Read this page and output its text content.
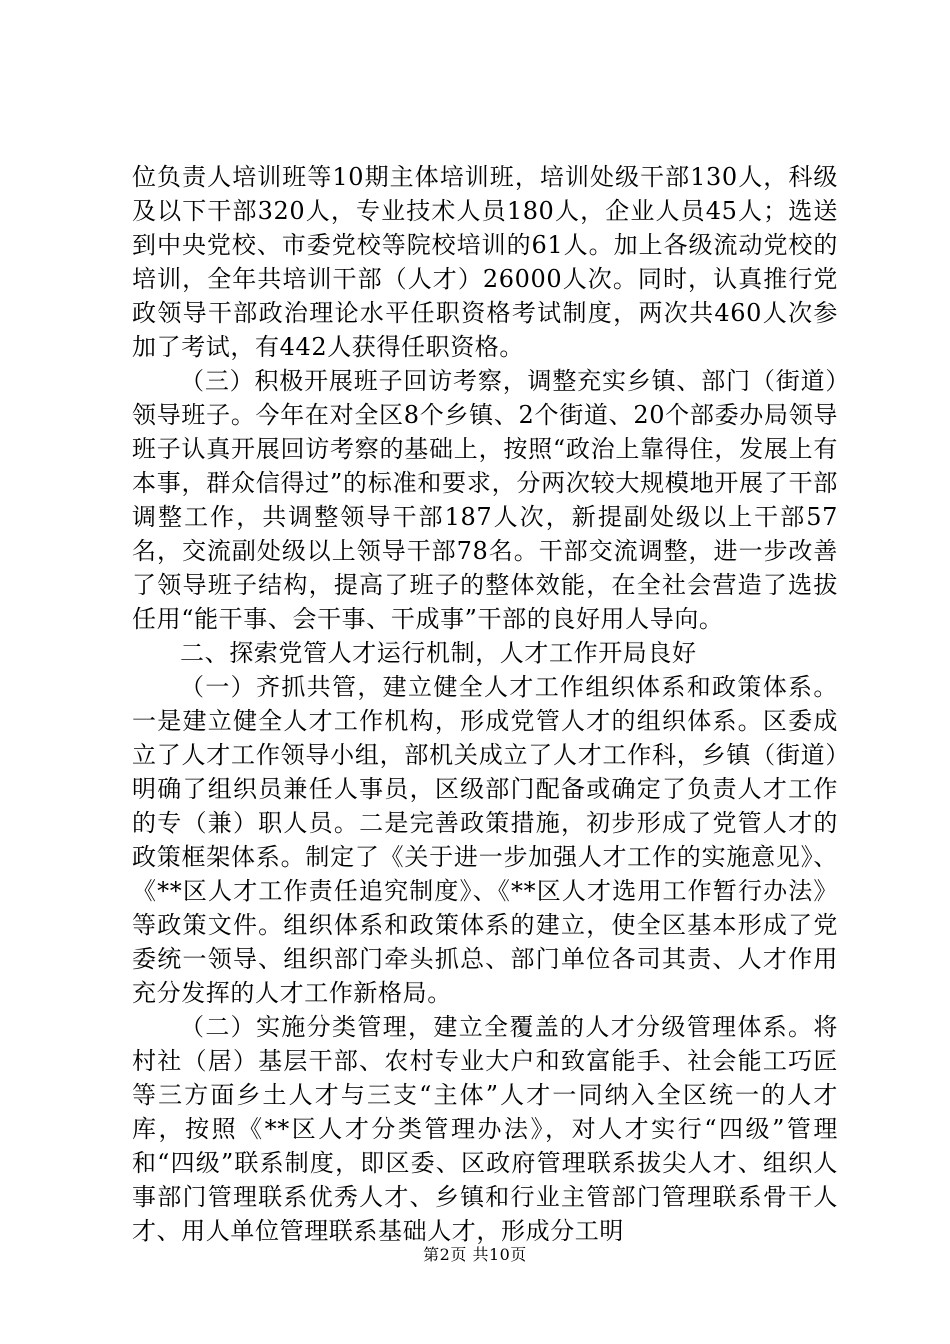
位负责人培训班等10期主体培训班，培训处级干部130人，科级及以下干部320人，专业技术人员180人，企业人员45人；选送到中央党校、市委党校等院校培训的61人。加上各级流动党校的培训，全年共培训干部（人才）26000人次。同时，认真推行党政领导干部政治理论水平任职资格考试制度，两次共460人次参加了考试，有442人获得任职资格。

（三）积极开展班子回访考察，调整充实乡镇、部门（街道）领导班子。今年在对全区8个乡镇、2个街道、20个部委办局领导班子认真开展回访考察的基础上，按照“政治上靠得住，发展上有本事，群众信得过”的标准和要求，分两次较大规模地开展了干部调整工作，共调整领导干部187人次，新提副处级以上干部57名，交流副处级以上领导干部78名。干部交流调整，进一步改善了领导班子结构，提高了班子的整体效能，在全社会营造了选拔任用“能干事、会干事、干成事”干部的良好用人导向。

二、探索党管人才运行机制，人才工作开局良好

（一）齐抓共管，建立健全人才工作组织体系和政策体系。一是建立健全人才工作机构，形成党管人才的组织体系。区委成立了人才工作领导小组，部机关成立了人才工作科，乡镇（街道）明确了组织员兼任人事员，区级部门配备或确定了负责人才工作的专（兼）职人员。二是完善政策措施，初步形成了党管人才的政策框架体系。制定了《关于进一步加强人才工作的实施意见》、《**区人才工作责任追究制度》、《**区人才选用工作暂行办法》等政策文件。组织体系和政策体系的建立，使全区基本形成了党委统一领导、组织部门牵头抓总、部门单位各司其责、人才作用充分发挥的人才工作新格局。

（二）实施分类管理，建立全覆盖的人才分级管理体系。将村社（居）基层干部、农村专业大户和致富能手、社会能工巧匠等三方面乡土人才与三支“主体”人才一同纳入全区统一的人才库，按照《**区人才分类管理办法》，对人才实行“四级”管理和“四级”联系制度，即区委、区政府管理联系拔尖人才、组织人事部门管理联系优秀人才、乡镇和行业主管部门管理联系骨干人才、用人单位管理联系基础人才，形成分工明

第2页 共10页
